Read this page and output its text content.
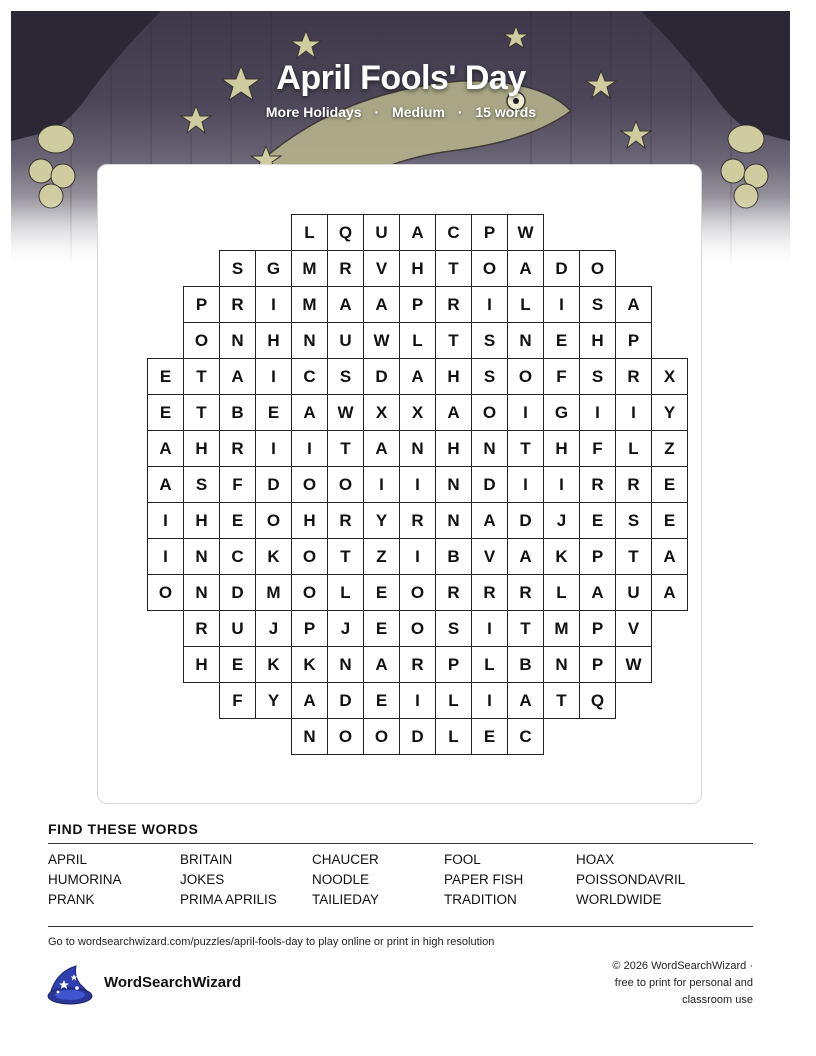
April Fools' Day
More Holidays · Medium · 15 words
L	Q	U	A	C	P	W
S	G	M	R	V	H	T	O	A	D	O
P	R	I	M	A	A	P	R	I	L	I	S	A
O	N	H	N	U	W	L	T	S	N	E	H	P
E	T	A	I	C	S	D	A	H	S	O	F	S	R	X
E	T	B	E	A	W	X	X	A	O	I	G	I	I	Y
A	H	R	I	I	T	A	N	H	N	T	H	F	L	Z
A	S	F	D	O	O	I	I	N	D	I	I	R	R	E
I	H	E	O	H	R	Y	R	N	A	D	J	E	S	E
I	N	C	K	O	T	Z	I	B	V	A	K	P	T	A
O	N	D	M	O	L	E	O	R	R	R	L	A	U	A
R	U	J	P	J	E	O	S	I	T	M	P	V
H	E	K	K	N	A	R	P	L	B	N	P	W
F	Y	A	D	E	I	L	I	A	T	Q
N	O	O	D	L	E	C
FIND THESE WORDS
APRIL	BRITAIN	CHAUCER	FOOL	HOAX
HUMORINA	JOKES	NOODLE	PAPER FISH	POISSONDAVRIL
PRANK	PRIMA APRILIS	TAILIEDAY	TRADITION	WORLDWIDE
Go to wordsearchwizard.com/puzzles/april-fools-day to play online or print in high resolution
WordSearchWizard
© 2026 WordSearchWizard ·
free to print for personal and
classroom use
